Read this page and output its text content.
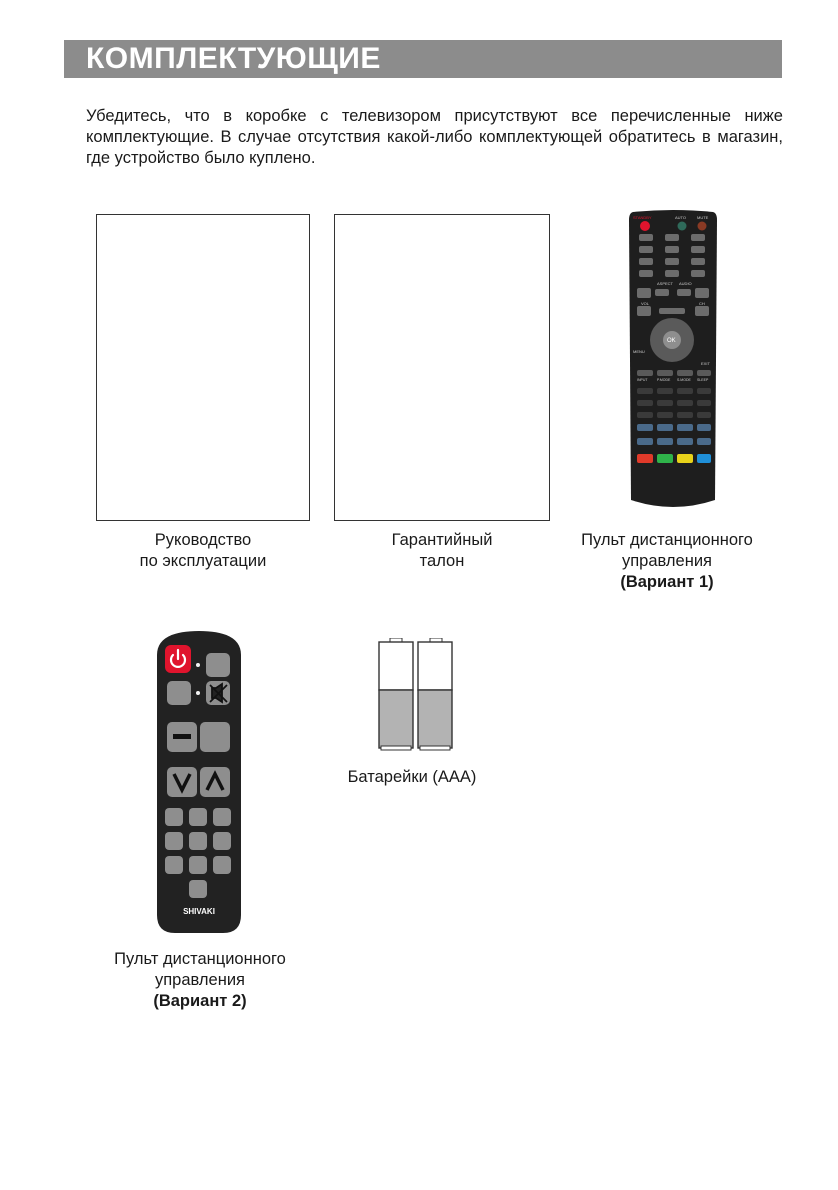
КОМПЛЕКТУЮЩИЕ

Убедитесь, что в коробке с телевизором присутствуют все перечисленные ниже комплектующие. В случае отсутствия какой-либо комплектующей обратитесь в магазин, где устройство было куплено.

Руководство
по эксплуатации
Гарантийный
талон
STANDBY	AUTO	MUTE
ASPECT AUDIO
VOL	CH
OK
MENU
EXIT
INPUT	P.MODE S.MODE SLEEP
Пульт дистанционного
управления
(Вариант 1)
SHIVAKI
Пульт дистанционного
управления
(Вариант 2)
Батарейки (ААА)
